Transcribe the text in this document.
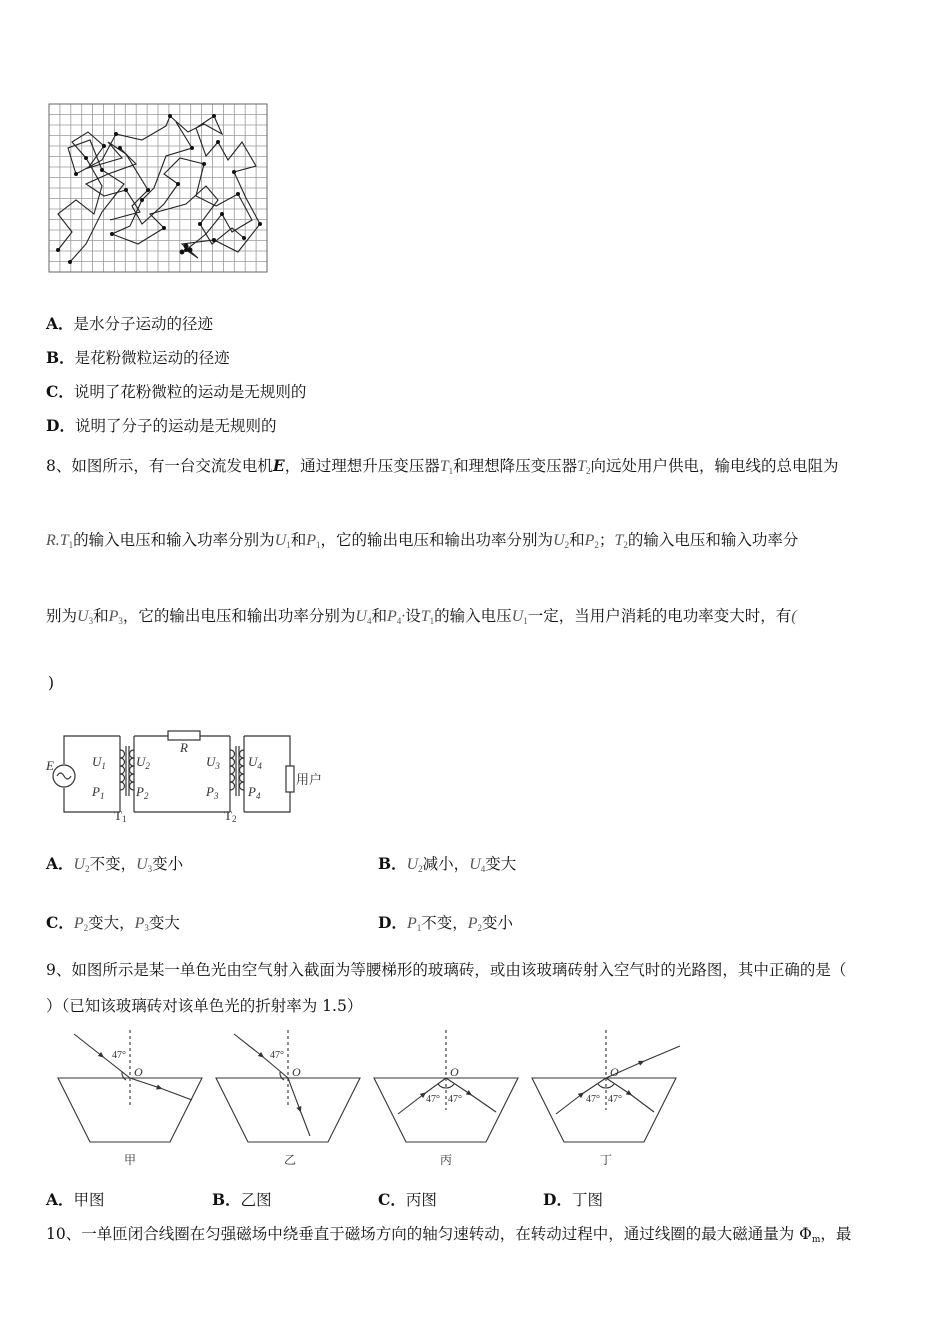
A．是水分子运动的径迹
B．是花粉微粒运动的径迹
C．说明了花粉微粒的运动是无规则的
D．说明了分子的运动是无规则的
8、如图所示，有一台交流发电机E，通过理想升压变压器$T_1$和理想降压变压器$T_2$向远处用户供电，输电线的总电阻为
$R.T_1$的输入电压和输入功率分别为$U_1$和$P_1$，它的输出电压和输出功率分别为$U_2$和$P_2$；$T_2$的输入电压和输入功率分
别为$U_3$和$P_3$，它的输出电压和输出功率分别为$U_4$和$P_4\cdot$设$T_1$的输入电压$U_1$一定，当用户消耗的电功率变大时，有(
)
R
E	$U_1$
$P_1$
$U_2$
$P_2$
$U_3$
$P_3$
$U_4$
$P_4$
用户
T1	T2
A．$U_2$不变，$U_3$变小	B．$U_2$减小，$U_4$变大
C．$P_2$变大，$P_3$变大	D．$P_1$不变，$P_2$变小
9、如图所示是某一单色光由空气射入截面为等腰梯形的玻璃砖，或由该玻璃砖射入空气时的光路图，其中正确的是（
）（已知该玻璃砖对该单色光的折射率为 1.5）
47°
O
47°
O	O
47° 47°
O
47° 47°
甲	乙	丙	丁
A．甲图	B．乙图	C．丙图	D．丁图
10、一单匝闭合线圈在匀强磁场中绕垂直于磁场方向的轴匀速转动，在转动过程中，通过线圈的最大磁通量为 Φm，最
